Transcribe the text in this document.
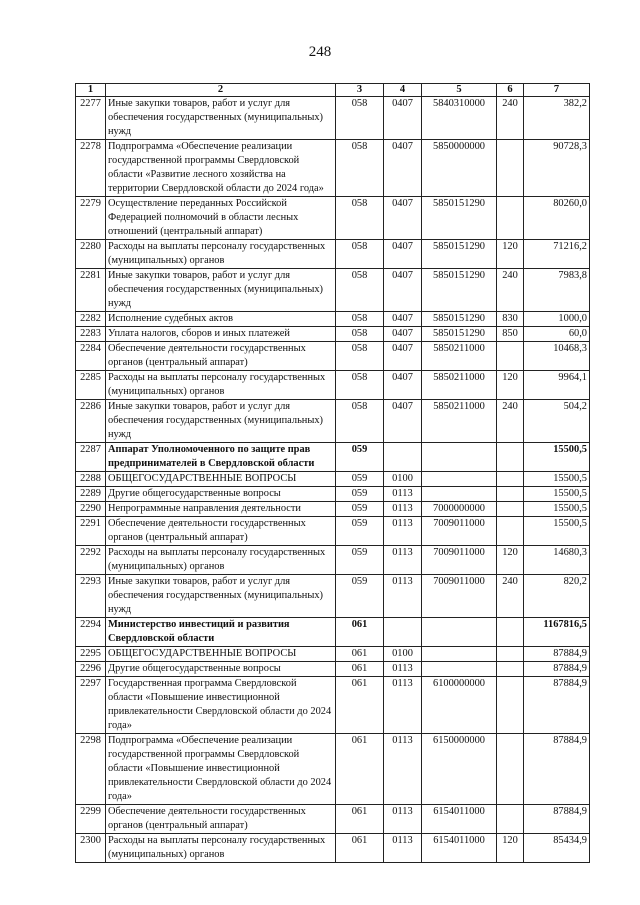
248
1	2	3	4	5	6	7
2277	Иные закупки товаров, работ и услуг для обеспечения государственных (муниципальных) нужд	058	0407	5840310000	240	382,2
2278	Подпрограмма «Обеспечение реализации государственной программы Свердловской области «Развитие лесного хозяйства на территории Свердловской области до 2024 года»	058	0407	5850000000		90728,3
2279	Осуществление переданных Российской Федерацией полномочий в области лесных отношений (центральный аппарат)	058	0407	5850151290		80260,0
2280	Расходы на выплаты персоналу государственных (муниципальных) органов	058	0407	5850151290	120	71216,2
2281	Иные закупки товаров, работ и услуг для обеспечения государственных (муниципальных) нужд	058	0407	5850151290	240	7983,8
2282	Исполнение судебных актов	058	0407	5850151290	830	1000,0
2283	Уплата налогов, сборов и иных платежей	058	0407	5850151290	850	60,0
2284	Обеспечение деятельности государственных органов (центральный аппарат)	058	0407	5850211000		10468,3
2285	Расходы на выплаты персоналу государственных (муниципальных) органов	058	0407	5850211000	120	9964,1
2286	Иные закупки товаров, работ и услуг для обеспечения государственных (муниципальных) нужд	058	0407	5850211000	240	504,2
2287	Аппарат Уполномоченного по защите прав предпринимателей в Свердловской области	059				15500,5
2288	ОБЩЕГОСУДАРСТВЕННЫЕ ВОПРОСЫ	059	0100			15500,5
2289	Другие общегосударственные вопросы	059	0113			15500,5
2290	Непрограммные направления деятельности	059	0113	7000000000		15500,5
2291	Обеспечение деятельности государственных органов (центральный аппарат)	059	0113	7009011000		15500,5
2292	Расходы на выплаты персоналу государственных (муниципальных) органов	059	0113	7009011000	120	14680,3
2293	Иные закупки товаров, работ и услуг для обеспечения государственных (муниципальных) нужд	059	0113	7009011000	240	820,2
2294	Министерство инвестиций и развития Свердловской области	061				1167816,5
2295	ОБЩЕГОСУДАРСТВЕННЫЕ ВОПРОСЫ	061	0100			87884,9
2296	Другие общегосударственные вопросы	061	0113			87884,9
2297	Государственная программа Свердловской области «Повышение инвестиционной привлекательности Свердловской области до 2024 года»	061	0113	6100000000		87884,9
2298	Подпрограмма «Обеспечение реализации государственной программы Свердловской области «Повышение инвестиционной привлекательности Свердловской области до 2024 года»	061	0113	6150000000		87884,9
2299	Обеспечение деятельности государственных органов (центральный аппарат)	061	0113	6154011000		87884,9
2300	Расходы на выплаты персоналу государственных (муниципальных) органов	061	0113	6154011000	120	85434,9
